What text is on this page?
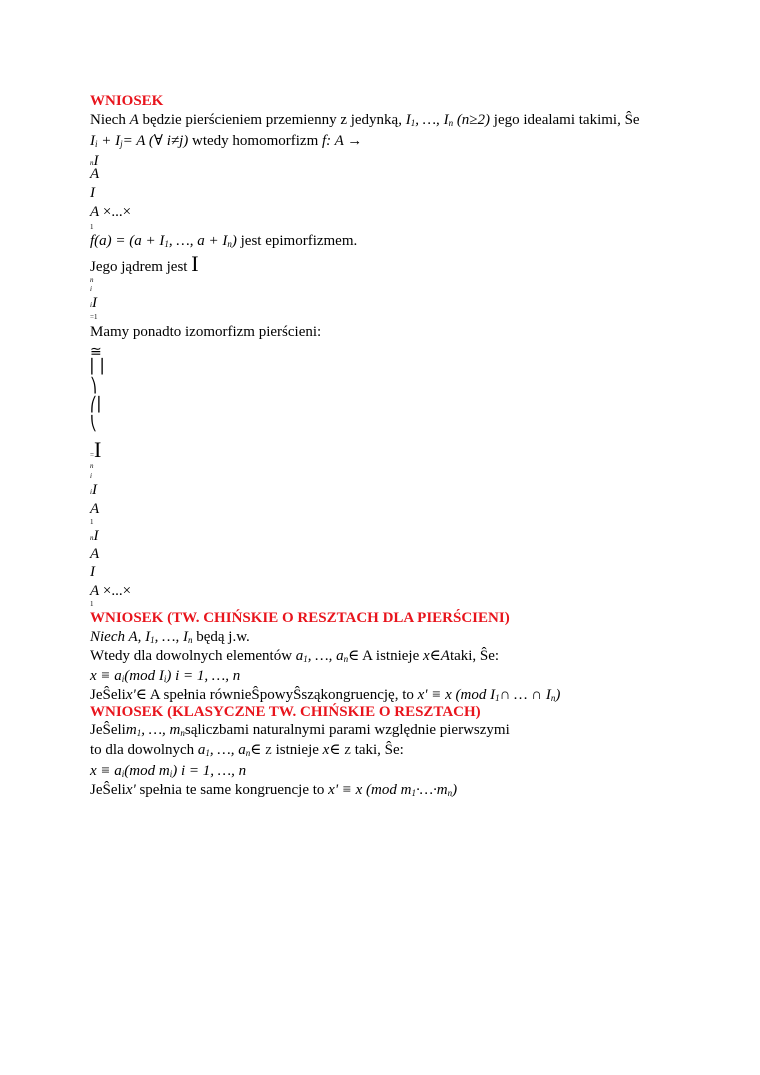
WNIOSEK
Niech A będzie pierścieniem przemienny z jedynką, $I_1$, …, $I_n$ (n≥2) jego idealami takimi, Ŝe
$I_i + I_j= A$ (∀ i≠j) wtedy homomorfizm f: A →
nI
A
I
A ×...×
1
$f(a) = (a + I_1$, …, $a + I_n$) jest epimorfizmem.
Jego jądrem jest I
n
i
iI
=1
Mamy ponadto izomorfizm pierścieni:
≅
⎜⎟
⎞
⎛⎜
⎝
=I
n
i
iI
A
1
nI
A
I
A ×...×
1
WNIOSEK (TW. CHIŃSKIE O RESZTACH DLA PIERŚCIENI)
Niech A, $I_1$, …, $I_n$ będą j.w.
Wtedy dla dowolnych elementów $a_1$, …, $a_n\in$ A istnieje x∈Ataki, Ŝe:
$x \equiv a_i(mod$ $I_i$) i = 1, …, n
JeŜelix'∈ A spełnia równieŜpowyŜsząkongruencję, to x' ≡ x (mod $I_1\cap$ … ∩ $I_n$)
WNIOSEK (KLASYCZNE TW. CHIŃSKIE O RESZTACH)
JeŜelim$_1$, …, $m_nsąliczbami$ naturalnymi parami względnie pierwszymi
to dla dowolnych $a_1$, …, $a_n\in$ Z istnieje x∈ Z taki, Ŝe:
$x \equiv a_i(mod$ $m_i$) i = 1, …, n
JeŜelix' spełnia te same kongruencje to x' ≡ x (mod $m_1\cdot\dots\cdot m_n$)
